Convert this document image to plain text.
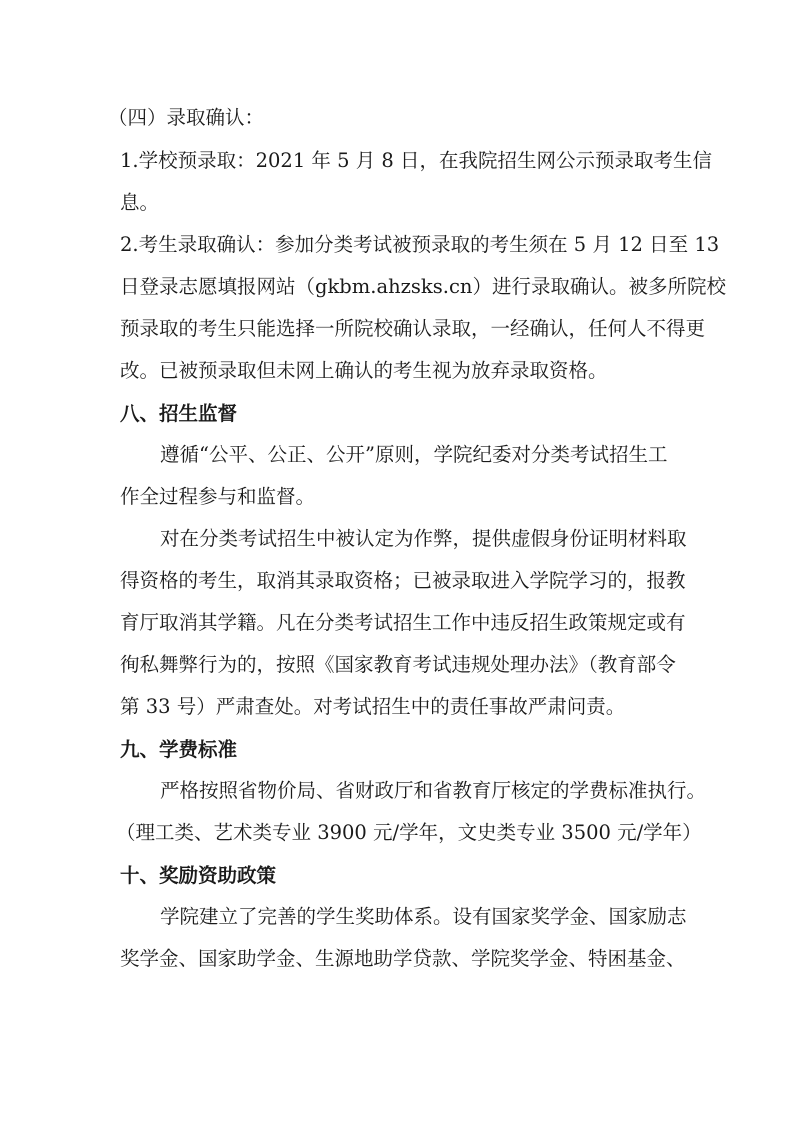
（四）录取确认：
1.学校预录取：2021 年 5 月 8 日，在我院招生网公示预录取考生信
息。
2.考生录取确认：参加分类考试被预录取的考生须在 5 月 12 日至 13
日登录志愿填报网站（gkbm.ahzsks.cn）进行录取确认。被多所院校
预录取的考生只能选择一所院校确认录取，一经确认，任何人不得更
改。已被预录取但未网上确认的考生视为放弃录取资格。
八、招生监督
遵循“公平、公正、公开”原则，学院纪委对分类考试招生工
作全过程参与和监督。
对在分类考试招生中被认定为作弊，提供虚假身份证明材料取
得资格的考生，取消其录取资格；已被录取进入学院学习的，报教
育厅取消其学籍。凡在分类考试招生工作中违反招生政策规定或有
徇私舞弊行为的，按照《国家教育考试违规处理办法》（教育部令
第 33 号）严肃查处。对考试招生中的责任事故严肃问责。
九、学费标准
严格按照省物价局、省财政厅和省教育厅核定的学费标准执行。
（理工类、艺术类专业 3900 元/学年，文史类专业 3500 元/学年）
十、奖励资助政策
学院建立了完善的学生奖助体系。设有国家奖学金、国家励志
奖学金、国家助学金、生源地助学贷款、学院奖学金、特困基金、
